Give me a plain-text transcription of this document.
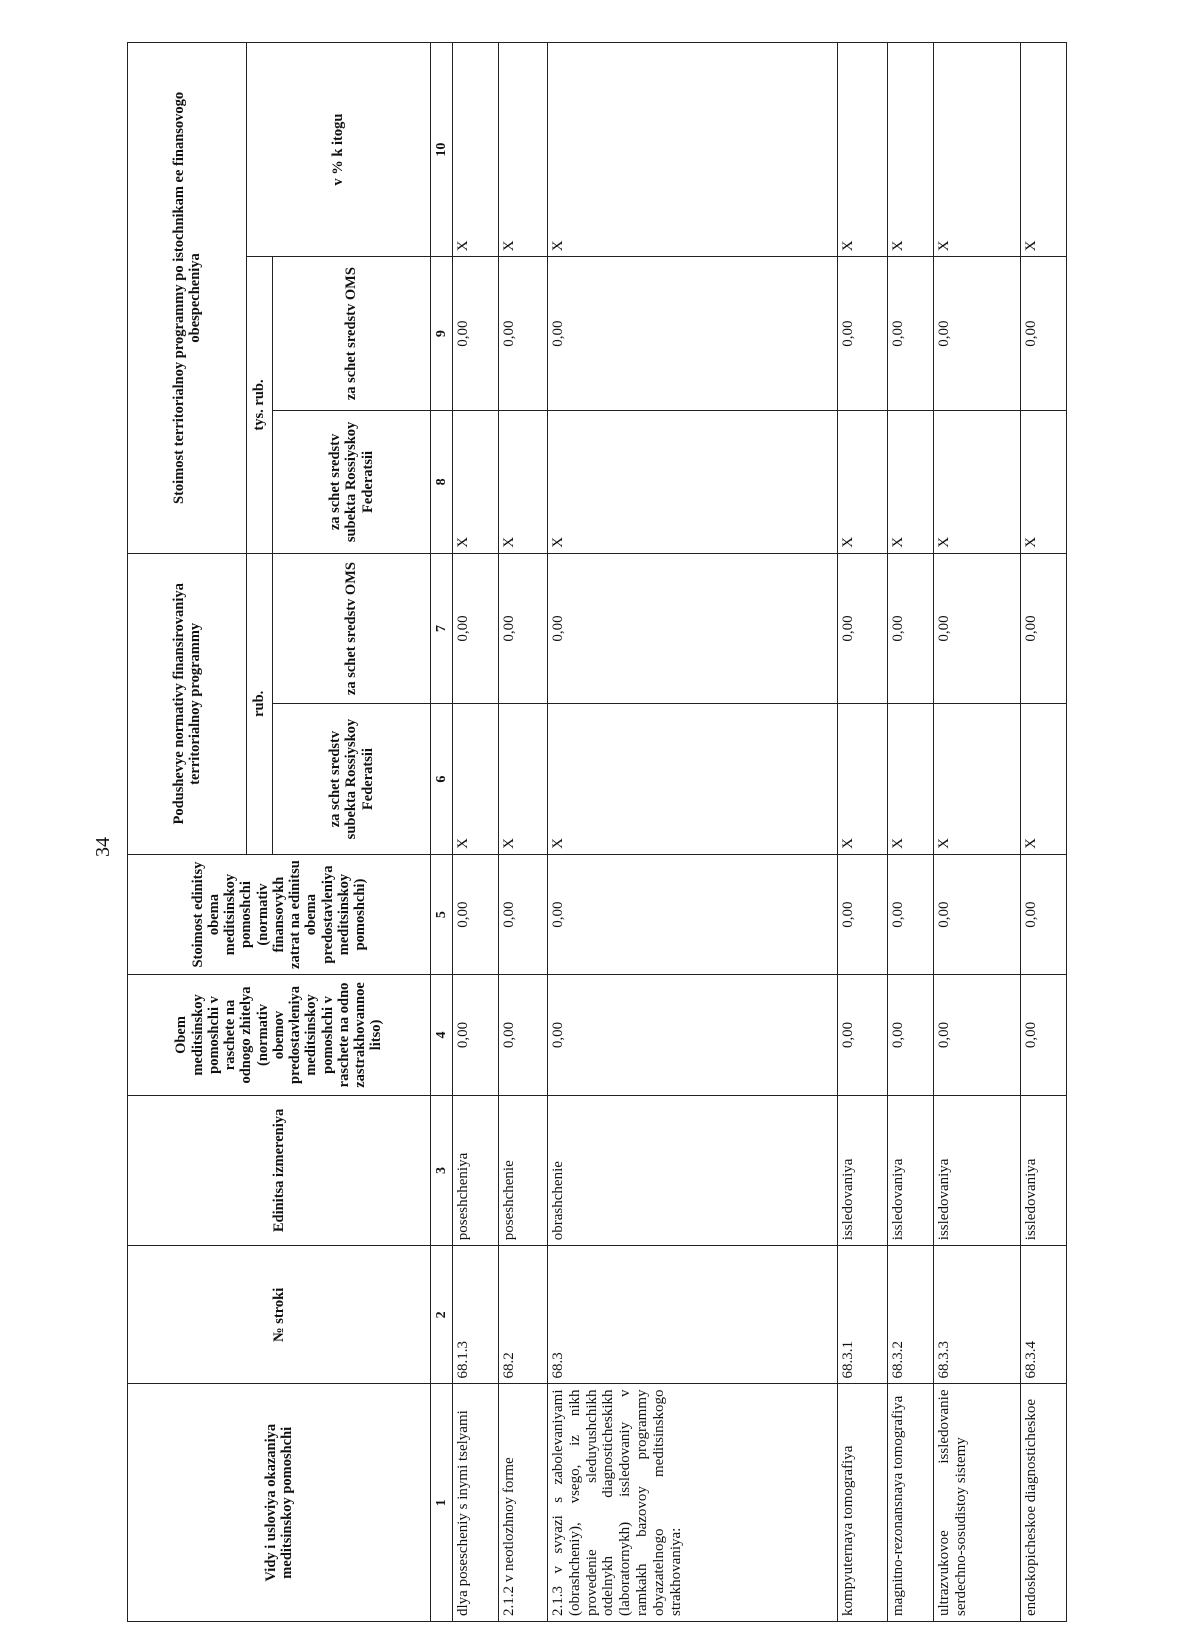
34
Vidy i usloviya okazaniya meditsinskoy pomoshchi	№ stroki	Edinitsa izmereniya	Obem meditsinskoy pomoshchi v raschete na odnogo zhitelya (normativ obemov predostavleniya meditsinskoy pomoshchi v raschete na odno zastrakhovannoe litso)	Stoimost edinitsy obema meditsinskoy pomoshchi (normativ finansovykh zatrat na edinitsu obema predostavleniya meditsinskoy pomoshchi)	Podushevye normativy finansirovaniya territorialnoy programmy		Stoimost territorialnoy programmy po istochnikam ee finansovogo obespecheniya		
					rub.		tys. rub.		v % k itogu
					za schet sredstv subekta Rossiyskoy Federatsii	za schet sredstv OMS	za schet sredstv subekta Rossiyskoy Federatsii	za schet sredstv OMS	
1	2	3	4	5	6	7	8	9	10
dlya posescheniy s inymi tselyami	68.1.3	poseshcheniya	0,00	0,00	X	0,00	X	0,00	X
2.1.2 v neotlozhnoy forme	68.2	poseshchenie	0,00	0,00	X	0,00	X	0,00	X
2.1.3 v svyazi s zabolevaniyami (obrashcheniy), vsego, iz nikh provedenie sleduyushchikh otdelnykh diagnosticheskikh (laboratornykh) issledovaniy v ramkakh bazovoy programmy obyazatelnogo meditsinskogo strakhovaniya:	68.3	obrashchenie	0,00	0,00	X	0,00	X	0,00	X
kompyuternaya tomografiya	68.3.1	issledovaniya	0,00	0,00	X	0,00	X	0,00	X
magnitno-rezonansnaya tomografiya	68.3.2	issledovaniya	0,00	0,00	X	0,00	X	0,00	X
ultrazvukovoe issledovanie serdechno-sosudistoy sistemy	68.3.3	issledovaniya	0,00	0,00	X	0,00	X	0,00	X
endoskopicheskoe diagnosticheskoe	68.3.4	issledovaniya	0,00	0,00	X	0,00	X	0,00	X
